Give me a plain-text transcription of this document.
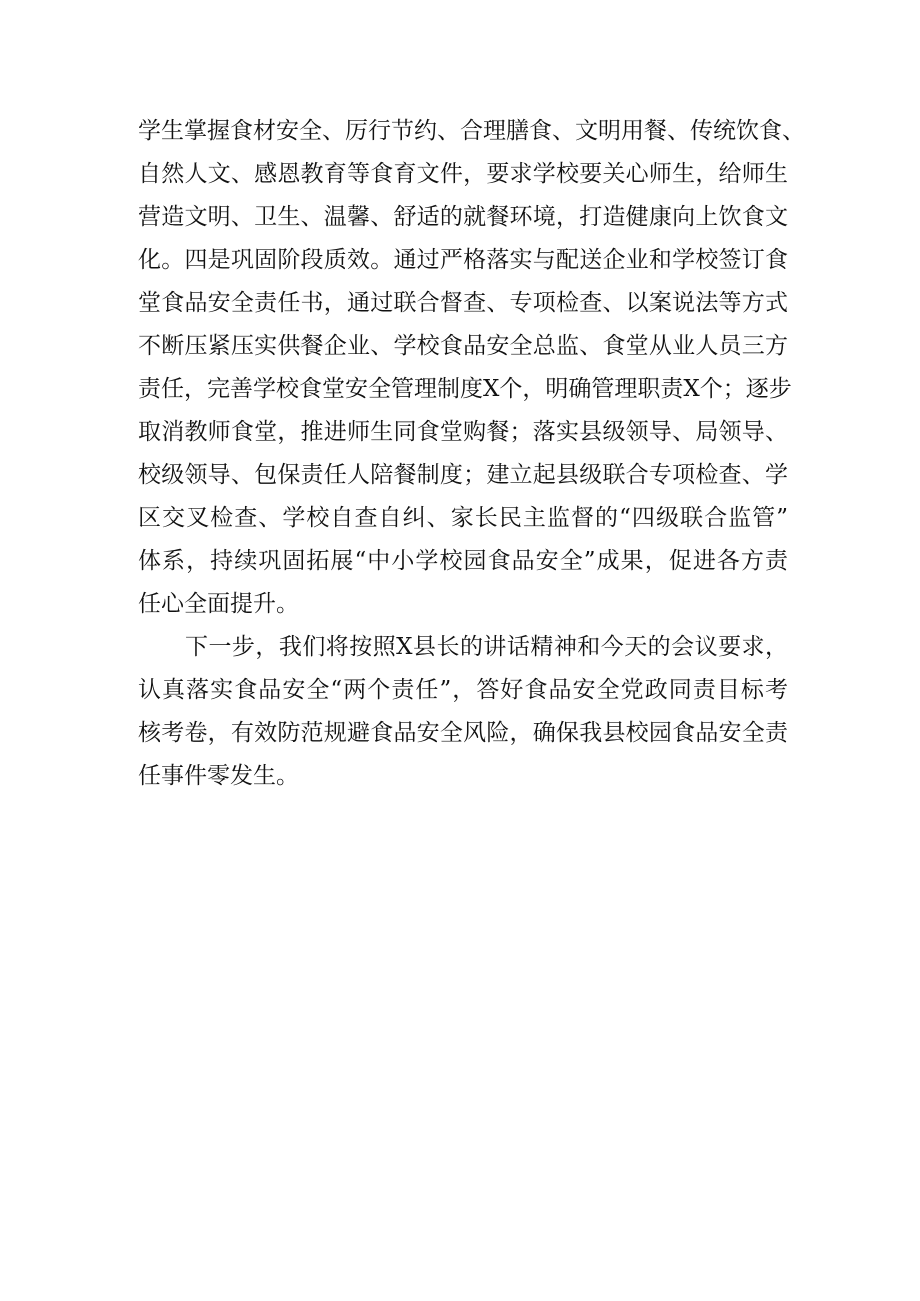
学生掌握食材安全、厉行节约、合理膳食、文明用餐、传统饮食、
自然人文、感恩教育等食育文件，要求学校要关心师生，给师生
营造文明、卫生、温馨、舒适的就餐环境，打造健康向上饮食文
化。四是巩固阶段质效。通过严格落实与配送企业和学校签订食
堂食品安全责任书，通过联合督查、专项检查、以案说法等方式
不断压紧压实供餐企业、学校食品安全总监、食堂从业人员三方
责任，完善学校食堂安全管理制度X个，明确管理职责X个；逐步
取消教师食堂，推进师生同食堂购餐；落实县级领导、局领导、
校级领导、包保责任人陪餐制度；建立起县级联合专项检查、学
区交叉检查、学校自查自纠、家长民主监督的“四级联合监管”
体系，持续巩固拓展“中小学校园食品安全”成果，促进各方责
任心全面提升。
下一步，我们将按照X县长的讲话精神和今天的会议要求，
认真落实食品安全“两个责任”，答好食品安全党政同责目标考
核考卷，有效防范规避食品安全风险，确保我县校园食品安全责
任事件零发生。
